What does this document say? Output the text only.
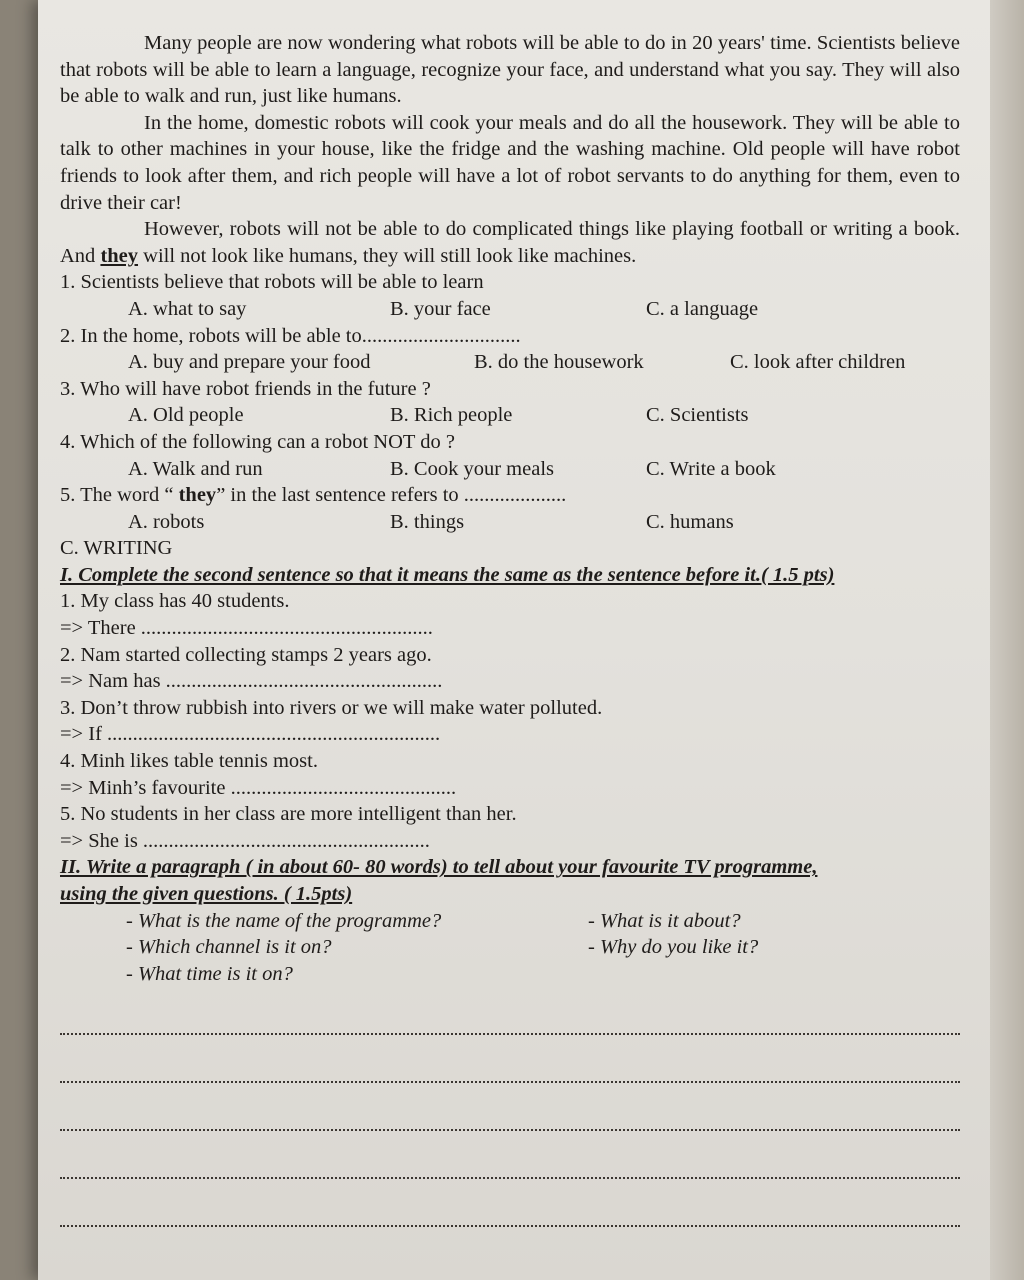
Many people are now wondering what robots will be able to do in 20 years' time. Scientists believe that robots will be able to learn a language, recognize your face, and understand what you say. They will also be able to walk and run, just like humans.

In the home, domestic robots will cook your meals and do all the housework. They will be able to talk to other machines in your house, like the fridge and the washing machine. Old people will have robot friends to look after them, and rich people will have a lot of robot servants to do anything for them, even to drive their car!

However, robots will not be able to do complicated things like playing football or writing a book. And they will not look like humans, they will still look like machines.

1. Scientists believe that robots will be able to learn

A. what to say	B. your face	C. a language

2. In the home, robots will be able to...............................

A. buy and prepare your food	B. do the housework	C. look after children

3. Who will have robot friends in the future ?

A. Old people	B. Rich people	C. Scientists

4. Which of the following can a robot NOT do ?

A. Walk and run	B. Cook your meals	C. Write a book

5. The word “ they” in the last sentence refers to ....................

A. robots	B. things	C. humans

C. WRITING

I. Complete the second sentence so that it means the same as the sentence before it.( 1.5 pts)

1. My class has 40 students.

=> There .........................................................

2. Nam started collecting stamps 2 years ago.

=> Nam has ......................................................

3. Don’t throw rubbish into rivers or we will make water polluted.

=> If .................................................................

4. Minh likes table tennis most.

=> Minh’s favourite ............................................

5. No students in her class are more intelligent than her.

=> She is ........................................................

II. Write a paragraph ( in about 60- 80 words) to tell about your favourite TV programme,

using the given questions. ( 1.5pts)

- What is the name of the programme?	- What is it about?
- Which channel is it on?	- Why do you like it?
- What time is it on?
